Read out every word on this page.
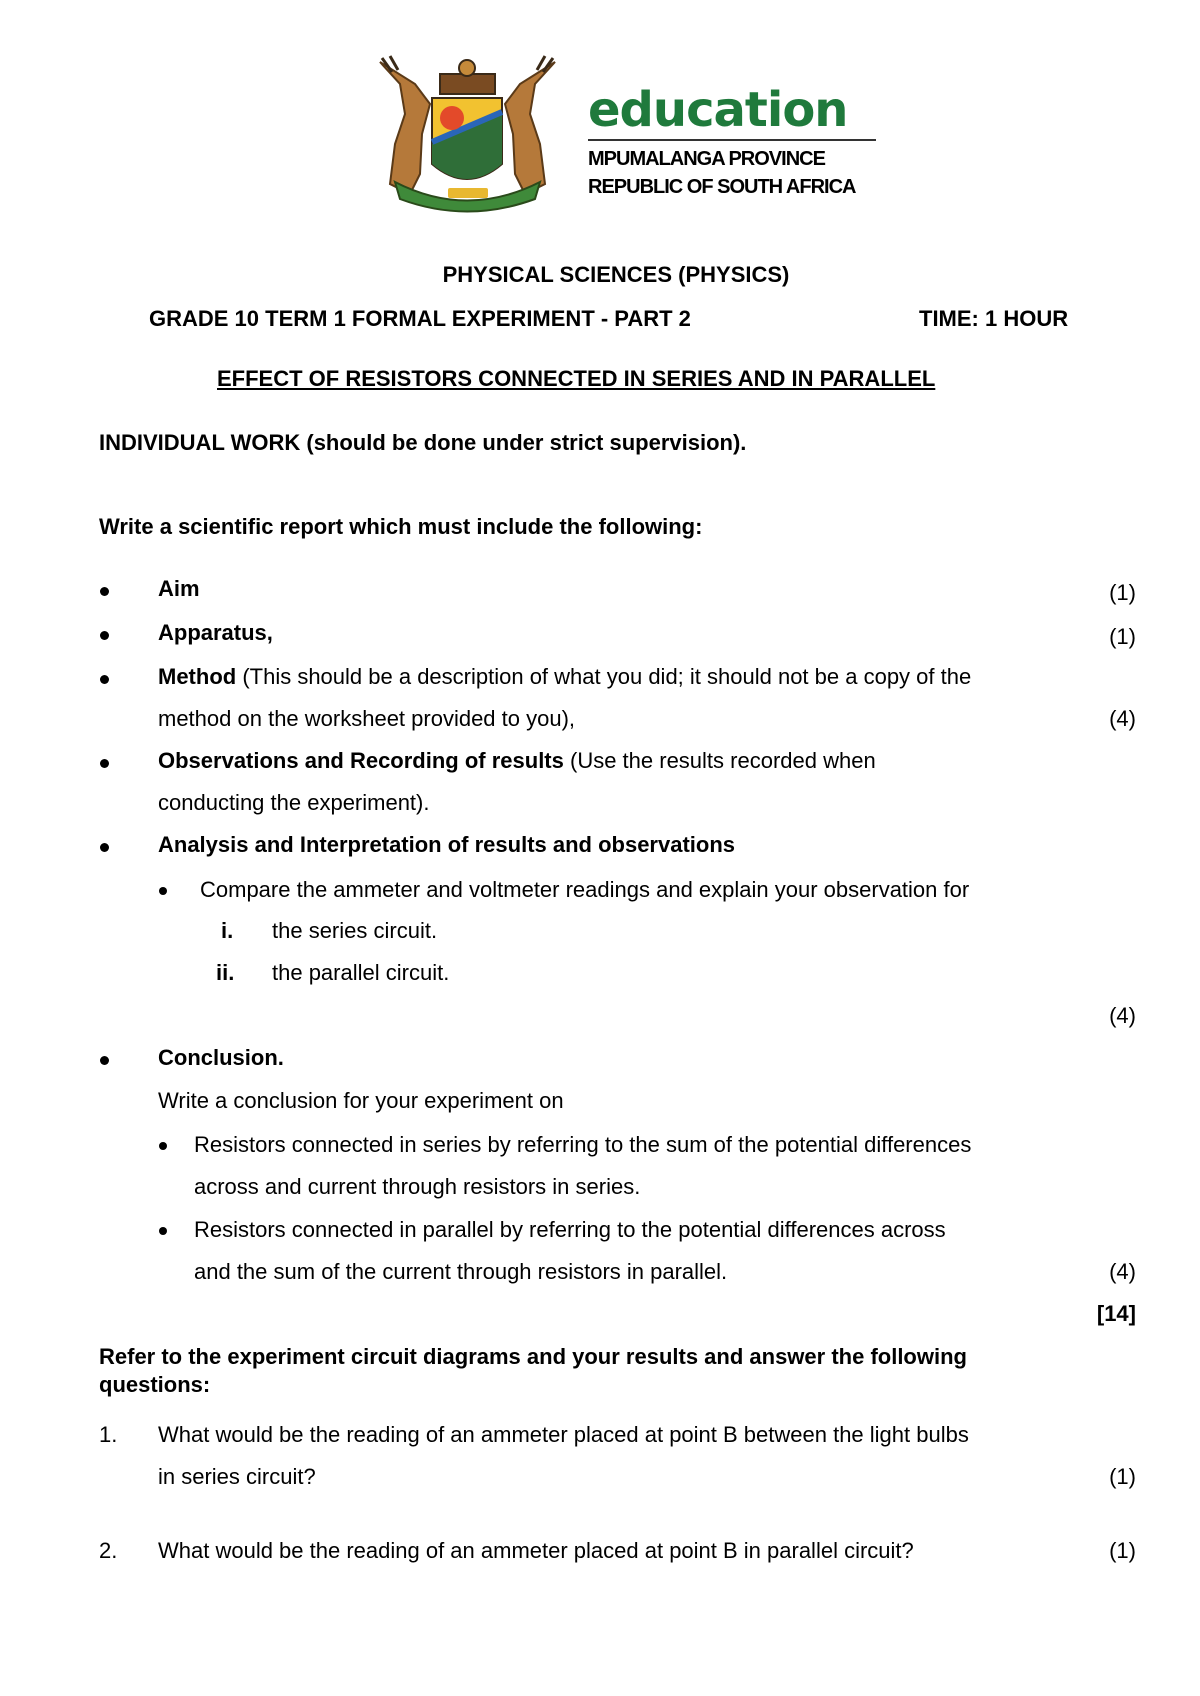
education
MPUMALANGA PROVINCE
REPUBLIC OF SOUTH AFRICA
PHYSICAL SCIENCES (PHYSICS)
GRADE 10 TERM 1 FORMAL EXPERIMENT - PART 2	TIME: 1 HOUR
EFFECT OF RESISTORS CONNECTED IN SERIES AND IN PARALLEL
INDIVIDUAL WORK (should be done under strict supervision).
Write a scientific report which must include the following:
Aim	(1)
Apparatus,	(1)
Method (This should be a description of what you did; it should not be a copy of the
method on the worksheet provided to you),	(4)
Observations and Recording of results (Use the results recorded when
conducting the experiment).
Analysis and Interpretation of results and observations
Compare the ammeter and voltmeter readings and explain your observation for
i. the series circuit.
ii. the parallel circuit.
(4)
Conclusion.
Write a conclusion for your experiment on
Resistors connected in series by referring to the sum of the potential differences
across and current through resistors in series.
Resistors connected in parallel by referring to the potential differences across
and the sum of the current through resistors in parallel.	(4)
[14]
Refer to the experiment circuit diagrams and your results and answer the following
questions:
1. What would be the reading of an ammeter placed at point B between the light bulbs
in series circuit?	(1)
2. What would be the reading of an ammeter placed at point B in parallel circuit?	(1)
